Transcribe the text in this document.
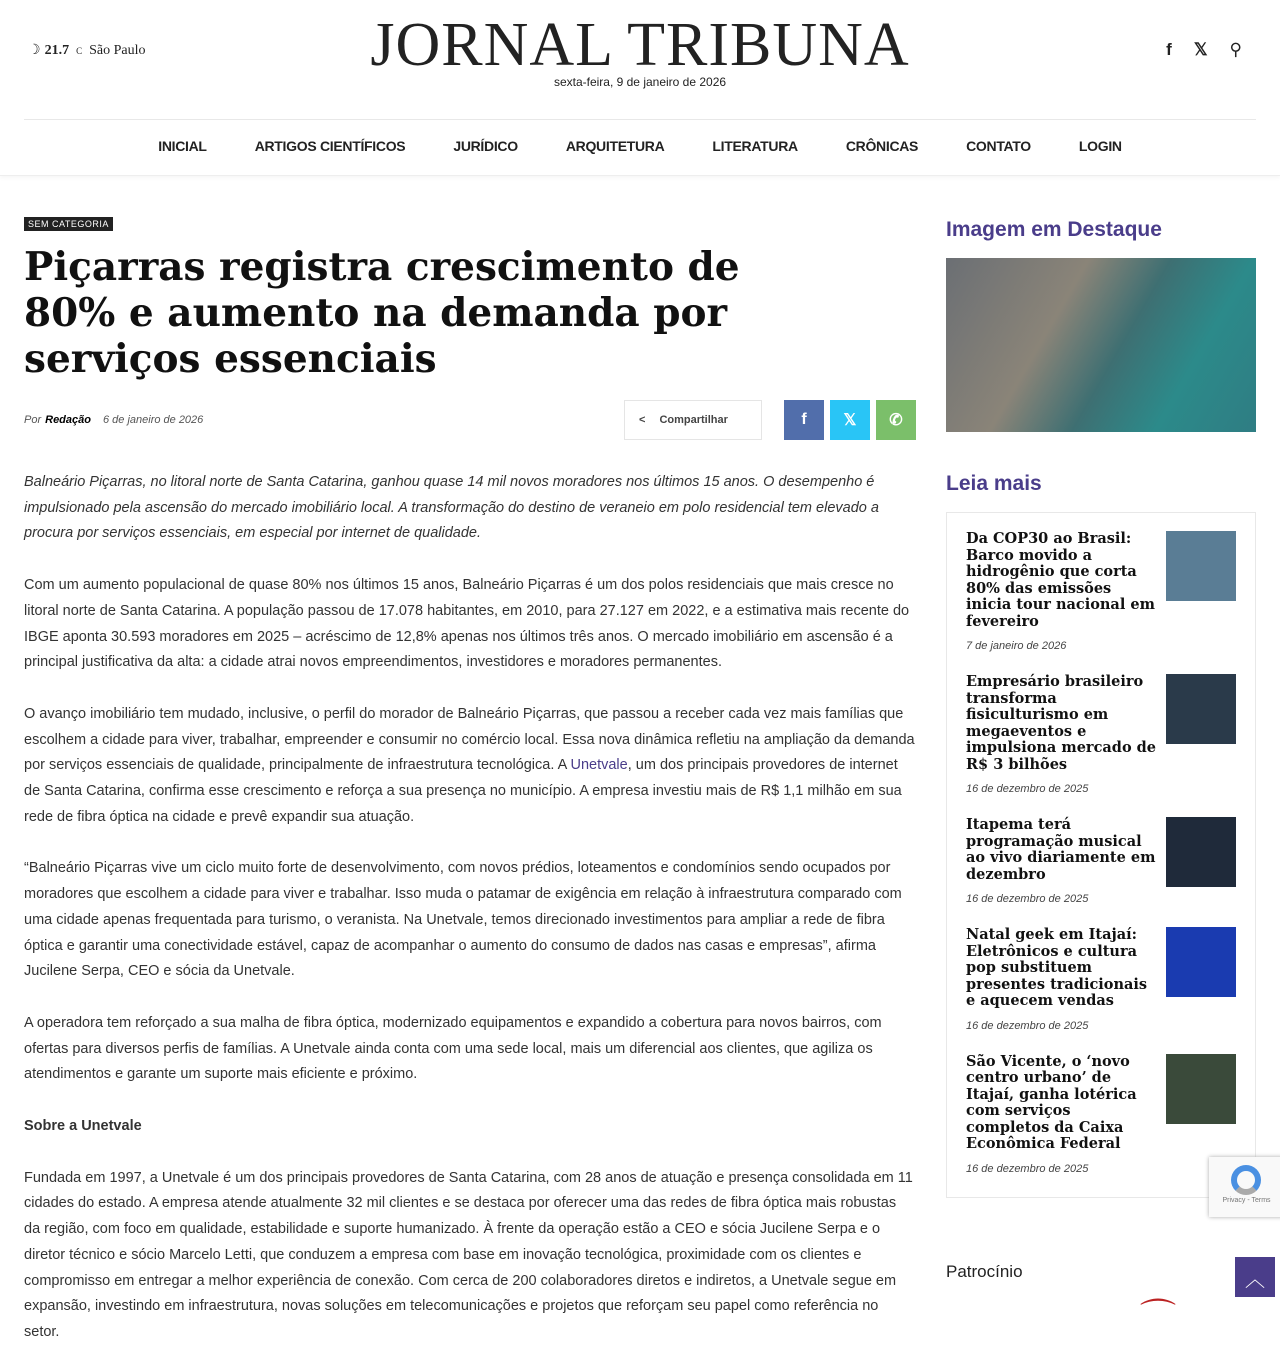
☽ 21.7 C São Paulo	JORNAL TRIBUNA
sexta-feira, 9 de janeiro de 2026
f 𝕏 ⚲
INICIAL	ARTIGOS CIENTÍFICOS	JURÍDICO	ARQUITETURA	LITERATURA	CRÔNICAS	CONTATO	LOGIN
SEM CATEGORIA
Piçarras registra crescimento de 80% e aumento na demanda por serviços essenciais
Por Redação 6 de janeiro de 2026	< Compartilhar	f 𝕏 ✆

Balneário Piçarras, no litoral norte de Santa Catarina, ganhou quase 14 mil novos moradores nos últimos 15 anos. O desempenho é impulsionado pela ascensão do mercado imobiliário local. A transformação do destino de veraneio em polo residencial tem elevado a procura por serviços essenciais, em especial por internet de qualidade.

Com um aumento populacional de quase 80% nos últimos 15 anos, Balneário Piçarras é um dos polos residenciais que mais cresce no litoral norte de Santa Catarina. A população passou de 17.078 habitantes, em 2010, para 27.127 em 2022, e a estimativa mais recente do IBGE aponta 30.593 moradores em 2025 – acréscimo de 12,8% apenas nos últimos três anos. O mercado imobiliário em ascensão é a principal justificativa da alta: a cidade atrai novos empreendimentos, investidores e moradores permanentes.

O avanço imobiliário tem mudado, inclusive, o perfil do morador de Balneário Piçarras, que passou a receber cada vez mais famílias que escolhem a cidade para viver, trabalhar, empreender e consumir no comércio local. Essa nova dinâmica refletiu na ampliação da demanda por serviços essenciais de qualidade, principalmente de infraestrutura tecnológica. A Unetvale, um dos principais provedores de internet de Santa Catarina, confirma esse crescimento e reforça a sua presença no município. A empresa investiu mais de R$ 1,1 milhão em sua rede de fibra óptica na cidade e prevê expandir sua atuação.

“Balneário Piçarras vive um ciclo muito forte de desenvolvimento, com novos prédios, loteamentos e condomínios sendo ocupados por moradores que escolhem a cidade para viver e trabalhar. Isso muda o patamar de exigência em relação à infraestrutura comparado com uma cidade apenas frequentada para turismo, o veranista. Na Unetvale, temos direcionado investimentos para ampliar a rede de fibra óptica e garantir uma conectividade estável, capaz de acompanhar o aumento do consumo de dados nas casas e empresas”, afirma Jucilene Serpa, CEO e sócia da Unetvale.

A operadora tem reforçado a sua malha de fibra óptica, modernizado equipamentos e expandido a cobertura para novos bairros, com ofertas para diversos perfis de famílias. A Unetvale ainda conta com uma sede local, mais um diferencial aos clientes, que agiliza os atendimentos e garante um suporte mais eficiente e próximo.

Sobre a Unetvale

Fundada em 1997, a Unetvale é um dos principais provedores de Santa Catarina, com 28 anos de atuação e presença consolidada em 11 cidades do estado. A empresa atende atualmente 32 mil clientes e se destaca por oferecer uma das redes de fibra óptica mais robustas da região, com foco em qualidade, estabilidade e suporte humanizado. À frente da operação estão a CEO e sócia Jucilene Serpa e o diretor técnico e sócio Marcelo Letti, que conduzem a empresa com base em inovação tecnológica, proximidade com os clientes e compromisso em entregar a melhor experiência de conexão. Com cerca de 200 colaboradores diretos e indiretos, a Unetvale segue em expansão, investindo em infraestrutura, novas soluções em telecomunicações e projetos que reforçam seu papel como referência no setor.

Imagem em Destaque
Leia mais
Da COP30 ao Brasil: Barco movido a hidrogênio que corta 80% das emissões inicia tour nacional em fevereiro
7 de janeiro de 2026
Empresário brasileiro transforma fisiculturismo em megaeventos e impulsiona mercado de R$ 3 bilhões
16 de dezembro de 2025
Itapema terá programação musical ao vivo diariamente em dezembro
16 de dezembro de 2025
Natal geek em Itajaí: Eletrônicos e cultura pop substituem presentes tradicionais e aquecem vendas
16 de dezembro de 2025
São Vicente, o ‘novo centro urbano’ de Itajaí, ganha lotérica com serviços completos da Caixa Econômica Federal
16 de dezembro de 2025
Patrocínio
⌒
Privacy - Terms
︿
